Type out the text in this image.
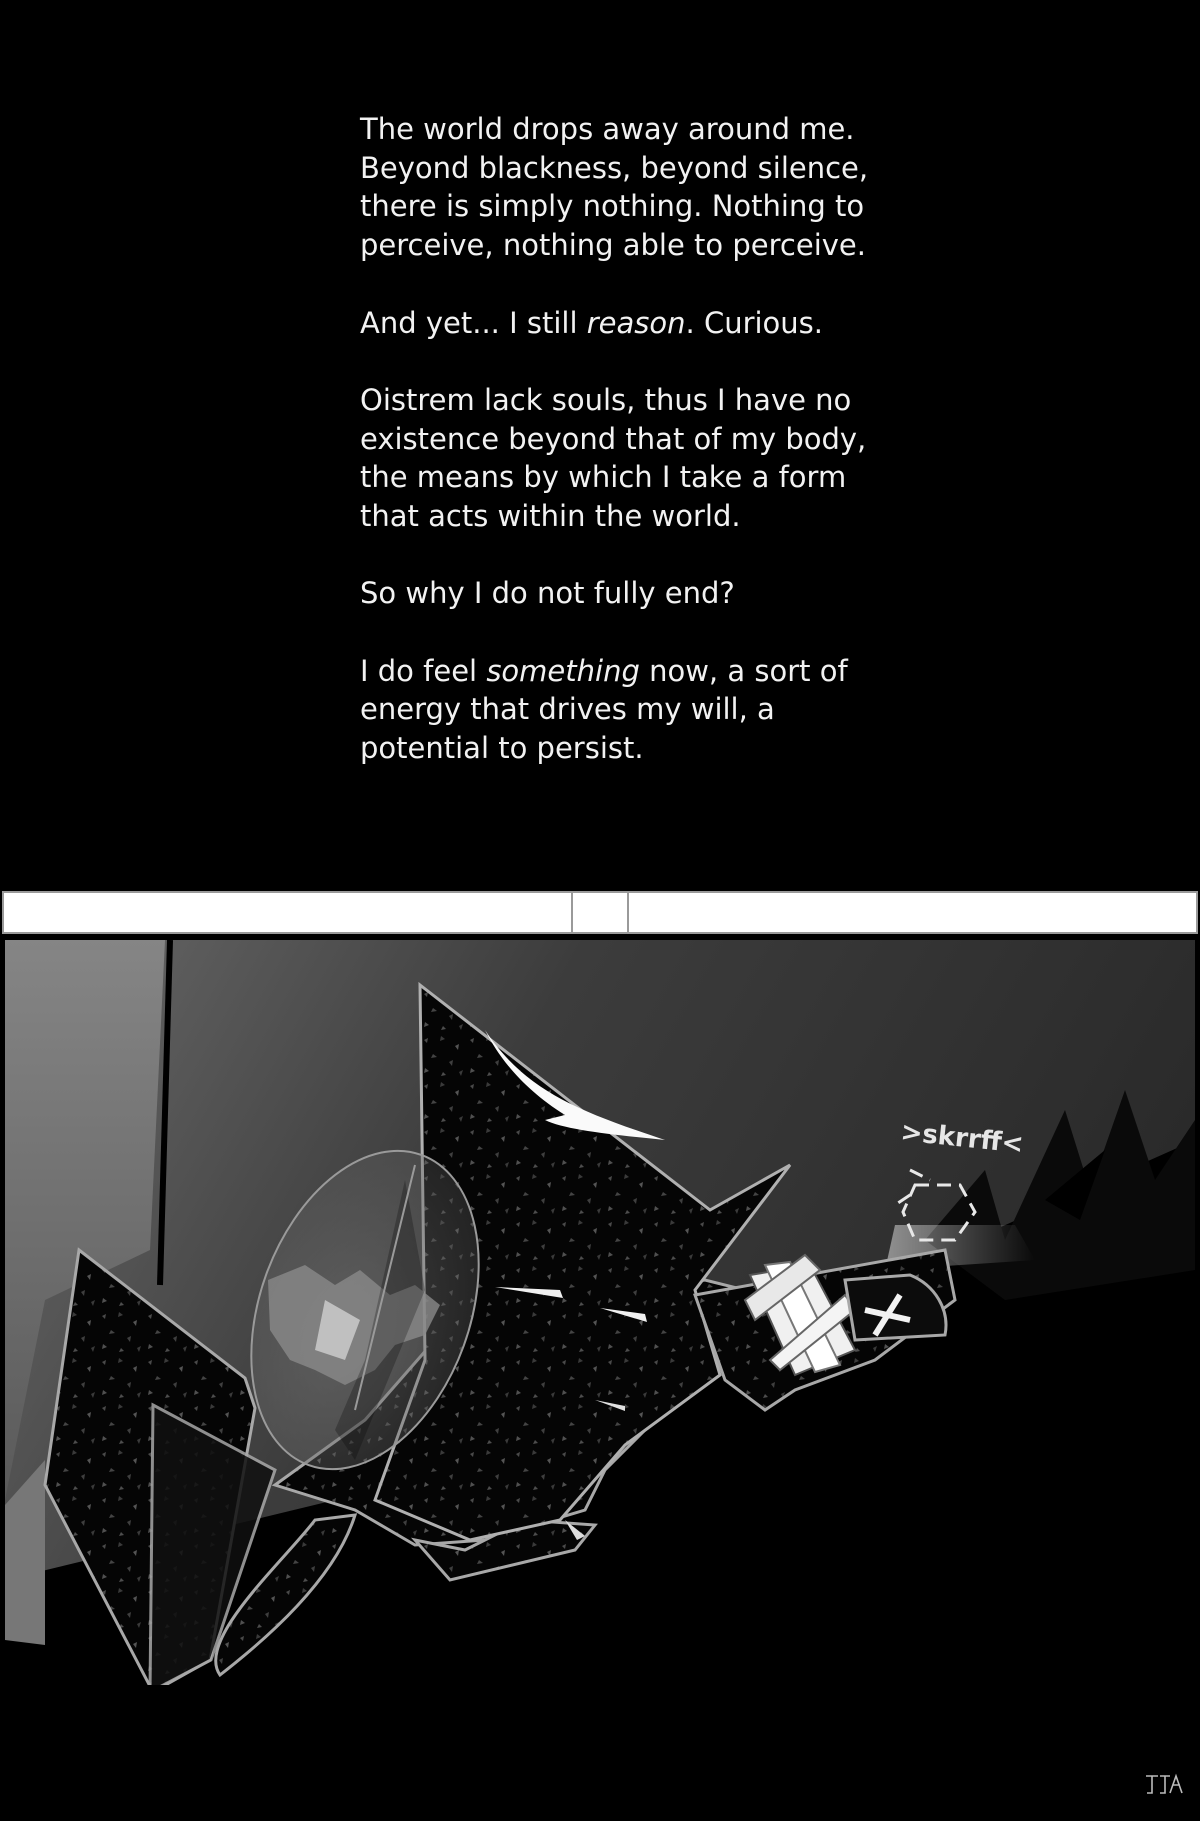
The world drops away around me.
Beyond blackness, beyond silence,
there is simply nothing. Nothing to
perceive, nothing able to perceive.

And yet... I still reason. Curious.

Oistrem lack souls, thus I have no
existence beyond that of my body,
the means by which I take a form
that acts within the world.

So why I do not fully end?

I do feel something now, a sort of
energy that drives my will, a
potential to persist.

>skrrff<
